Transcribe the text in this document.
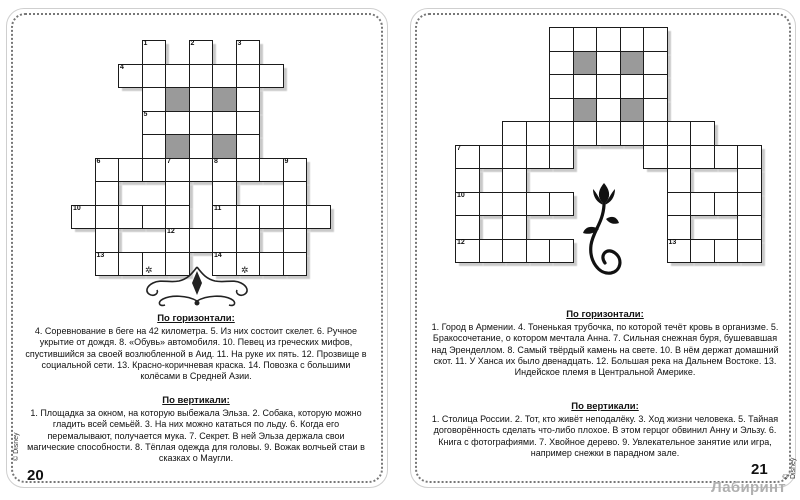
© Disney
1	2	3
4
5
6	7	8	9
10	11
12
13	14
✲	✲
По горизонтали:

4. Соревнование в беге на 42 километра. 5. Из них состоит скелет. 6. Ручное укрытие от дождя. 8. «Обувь» автомобиля. 10. Певец из греческих мифов, спустившийся за своей возлюбленной в Аид. 11. На руке их пять. 12. Прозвище в социальной сети. 13. Красно-коричневая краска. 14. Повозка с большими колёсами в Средней Азии.

По вертикали:

1. Площадка за окном, на которую выбежала Эльза. 2. Собака, которую можно гладить всей семьёй. 3. На них можно кататься по льду. 6. Когда его перемалывают, получается мука. 7. Секрет. В ней Эльза держала свои магические способности. 8. Тёплая одежда для головы. 9. Вожак волчьей стаи в сказках о Маугли.

20	© Disney
7
10
12	13
По горизонтали:

1. Город в Армении. 4. Тоненькая трубочка, по которой течёт кровь в организме. 5. Бракосочетание, о котором мечтала Анна. 7. Сильная снежная буря, бушевавшая над Эренделлом. 8. Самый твёрдый камень на свете. 10. В нём держат домашний скот. 11. У Ханса их было двенадцать. 12. Большая река на Дальнем Востоке. 13. Индейское племя в Центральной Америке.

По вертикали:

1. Столица России. 2. Тот, кто живёт неподалёку. 3. Ход жизни человека. 5. Тайная договорённость сделать что-либо плохое. В этом герцог обвинил Анну и Эльзу. 6. Книга с фотографиями. 7. Хвойное дерево. 9. Увлекательное занятие или игра, например снежки в парадном зале.

21
Лабиринт
